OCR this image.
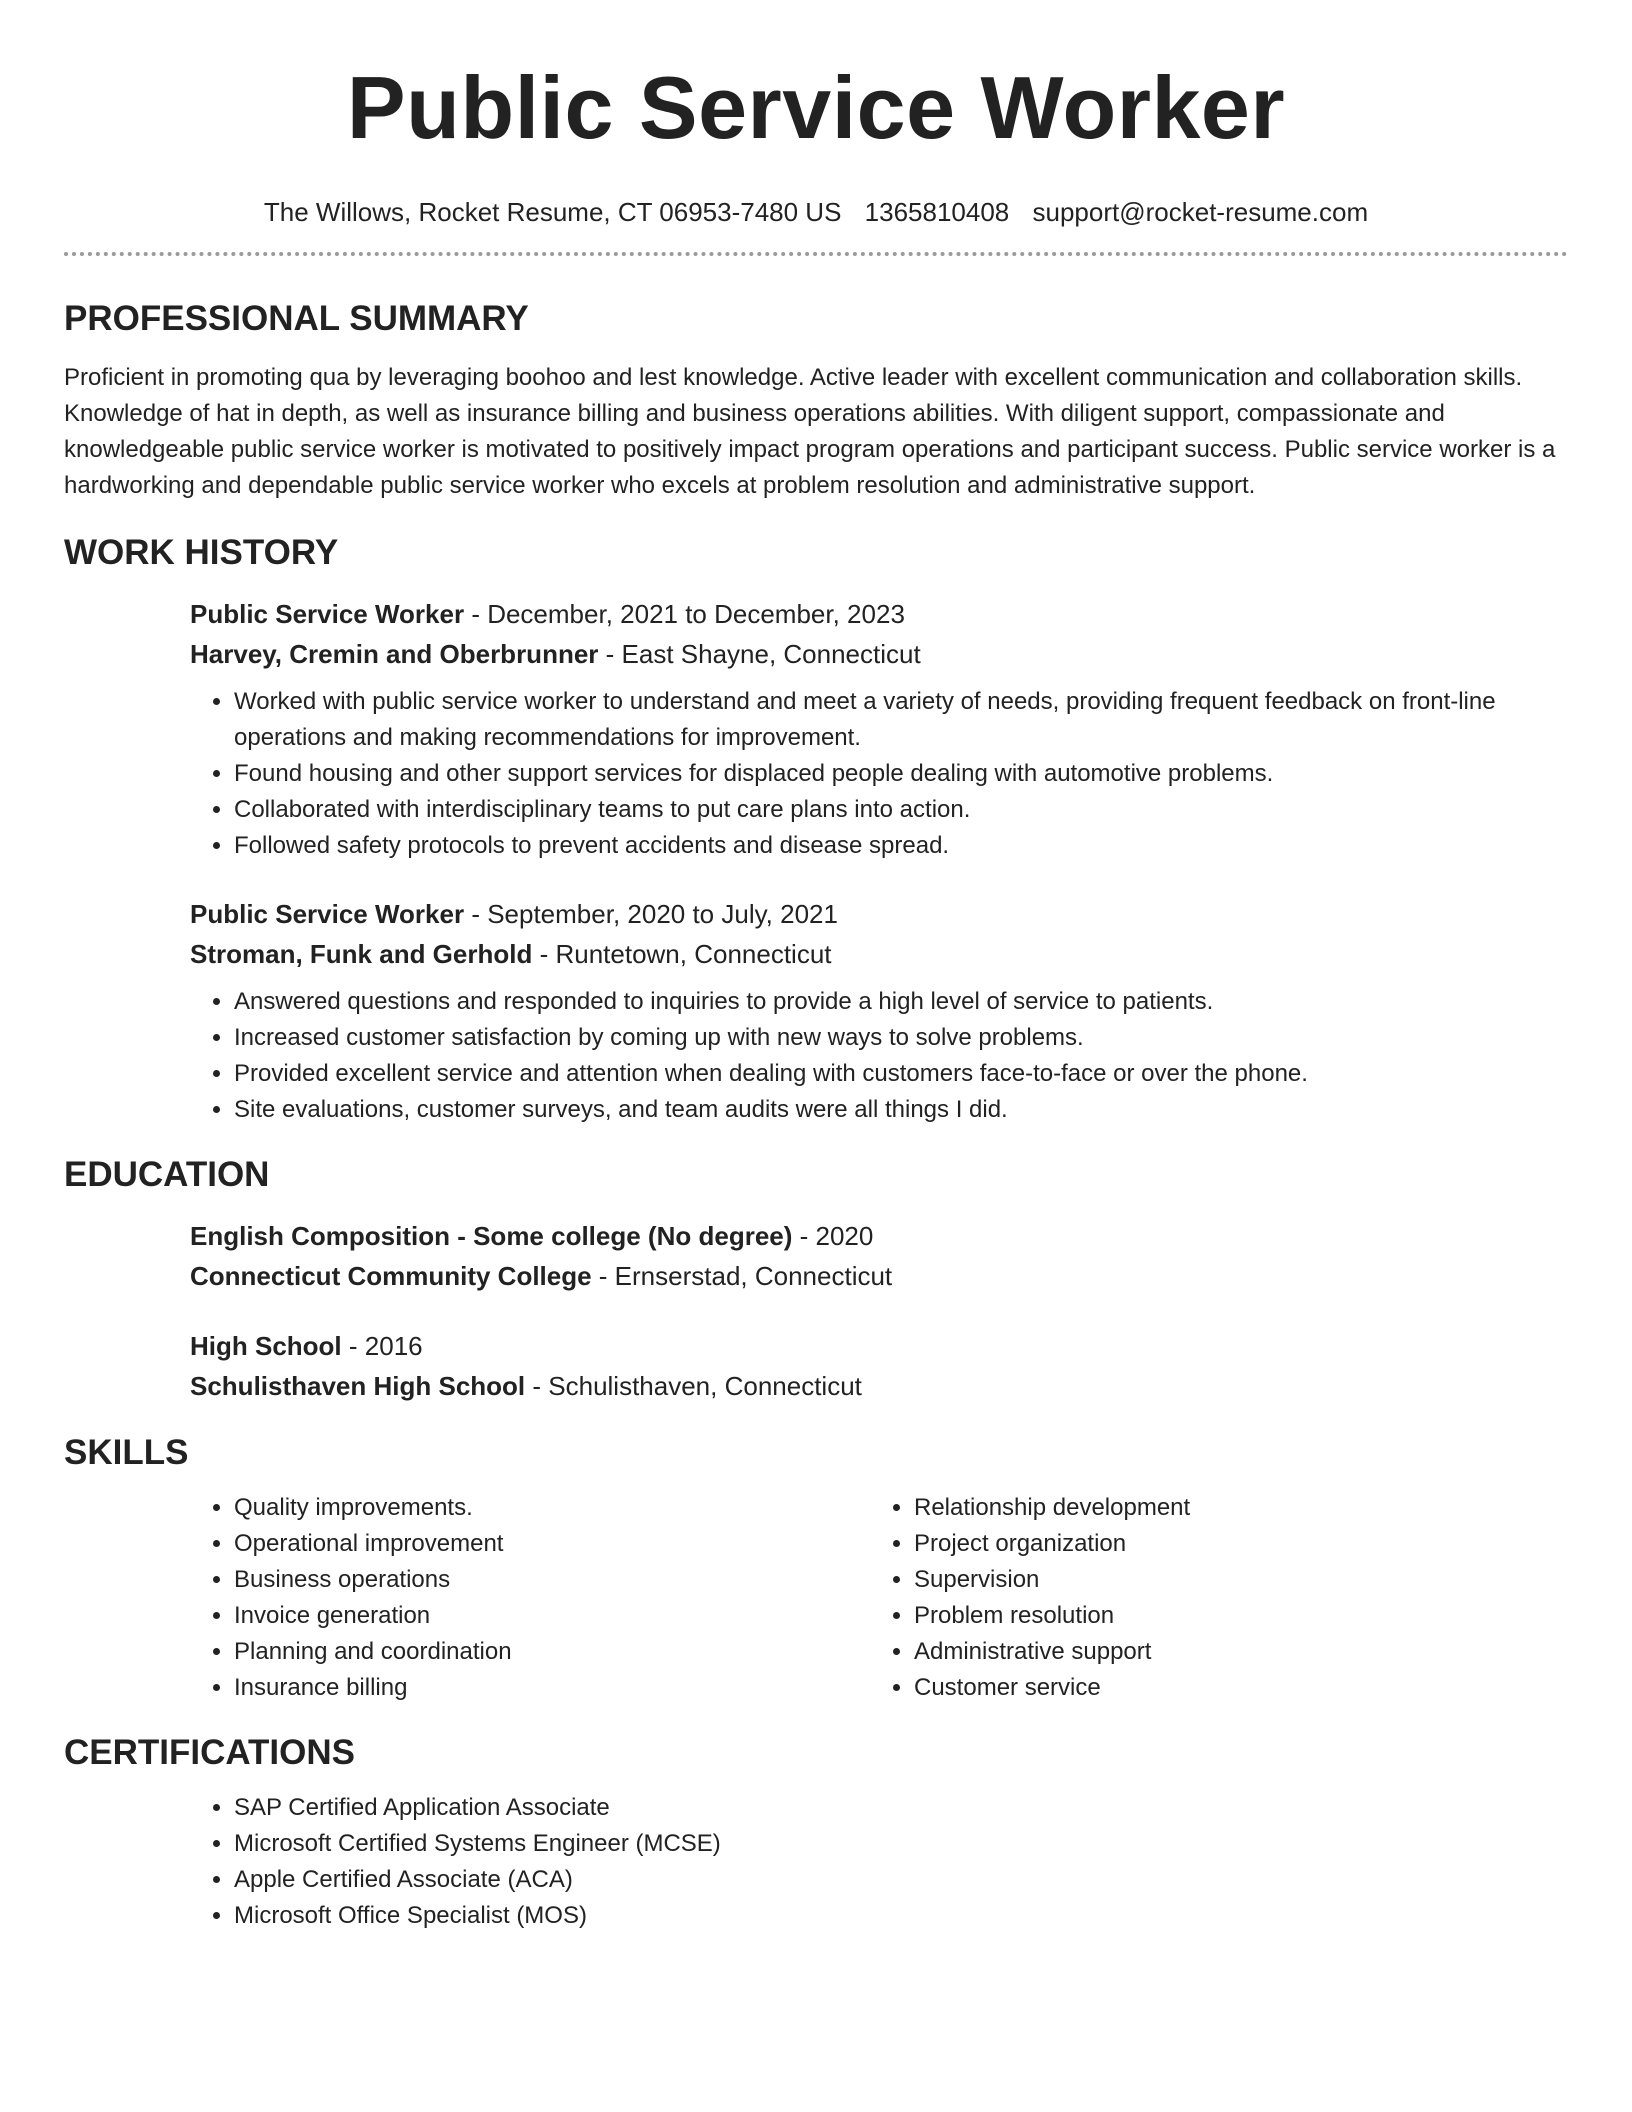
Public Service Worker
The Willows, Rocket Resume, CT 06953-7480 US 1365810408 support@rocket-resume.com
PROFESSIONAL SUMMARY

Proficient in promoting qua by leveraging boohoo and lest knowledge. Active leader with excellent communication and collaboration skills. Knowledge of hat in depth, as well as insurance billing and business operations abilities. With diligent support, compassionate and knowledgeable public service worker is motivated to positively impact program operations and participant success. Public service worker is a hardworking and dependable public service worker who excels at problem resolution and administrative support.

WORK HISTORY
Public Service Worker - December, 2021 to December, 2023
Harvey, Cremin and Oberbrunner - East Shayne, Connecticut
• Worked with public service worker to understand and meet a variety of needs, providing frequent feedback on front-line operations and making recommendations for improvement.
• Found housing and other support services for displaced people dealing with automotive problems.
• Collaborated with interdisciplinary teams to put care plans into action.
• Followed safety protocols to prevent accidents and disease spread.
Public Service Worker - September, 2020 to July, 2021
Stroman, Funk and Gerhold - Runtetown, Connecticut
• Answered questions and responded to inquiries to provide a high level of service to patients.
• Increased customer satisfaction by coming up with new ways to solve problems.
• Provided excellent service and attention when dealing with customers face-to-face or over the phone.
• Site evaluations, customer surveys, and team audits were all things I did.
EDUCATION
English Composition - Some college (No degree) - 2020
Connecticut Community College - Ernserstad, Connecticut
High School - 2016
Schulisthaven High School - Schulisthaven, Connecticut
SKILLS
• Quality improvements.
• Operational improvement
• Business operations
• Invoice generation
• Planning and coordination
• Insurance billing
• Relationship development
• Project organization
• Supervision
• Problem resolution
• Administrative support
• Customer service
CERTIFICATIONS
• SAP Certified Application Associate
• Microsoft Certified Systems Engineer (MCSE)
• Apple Certified Associate (ACA)
• Microsoft Office Specialist (MOS)
